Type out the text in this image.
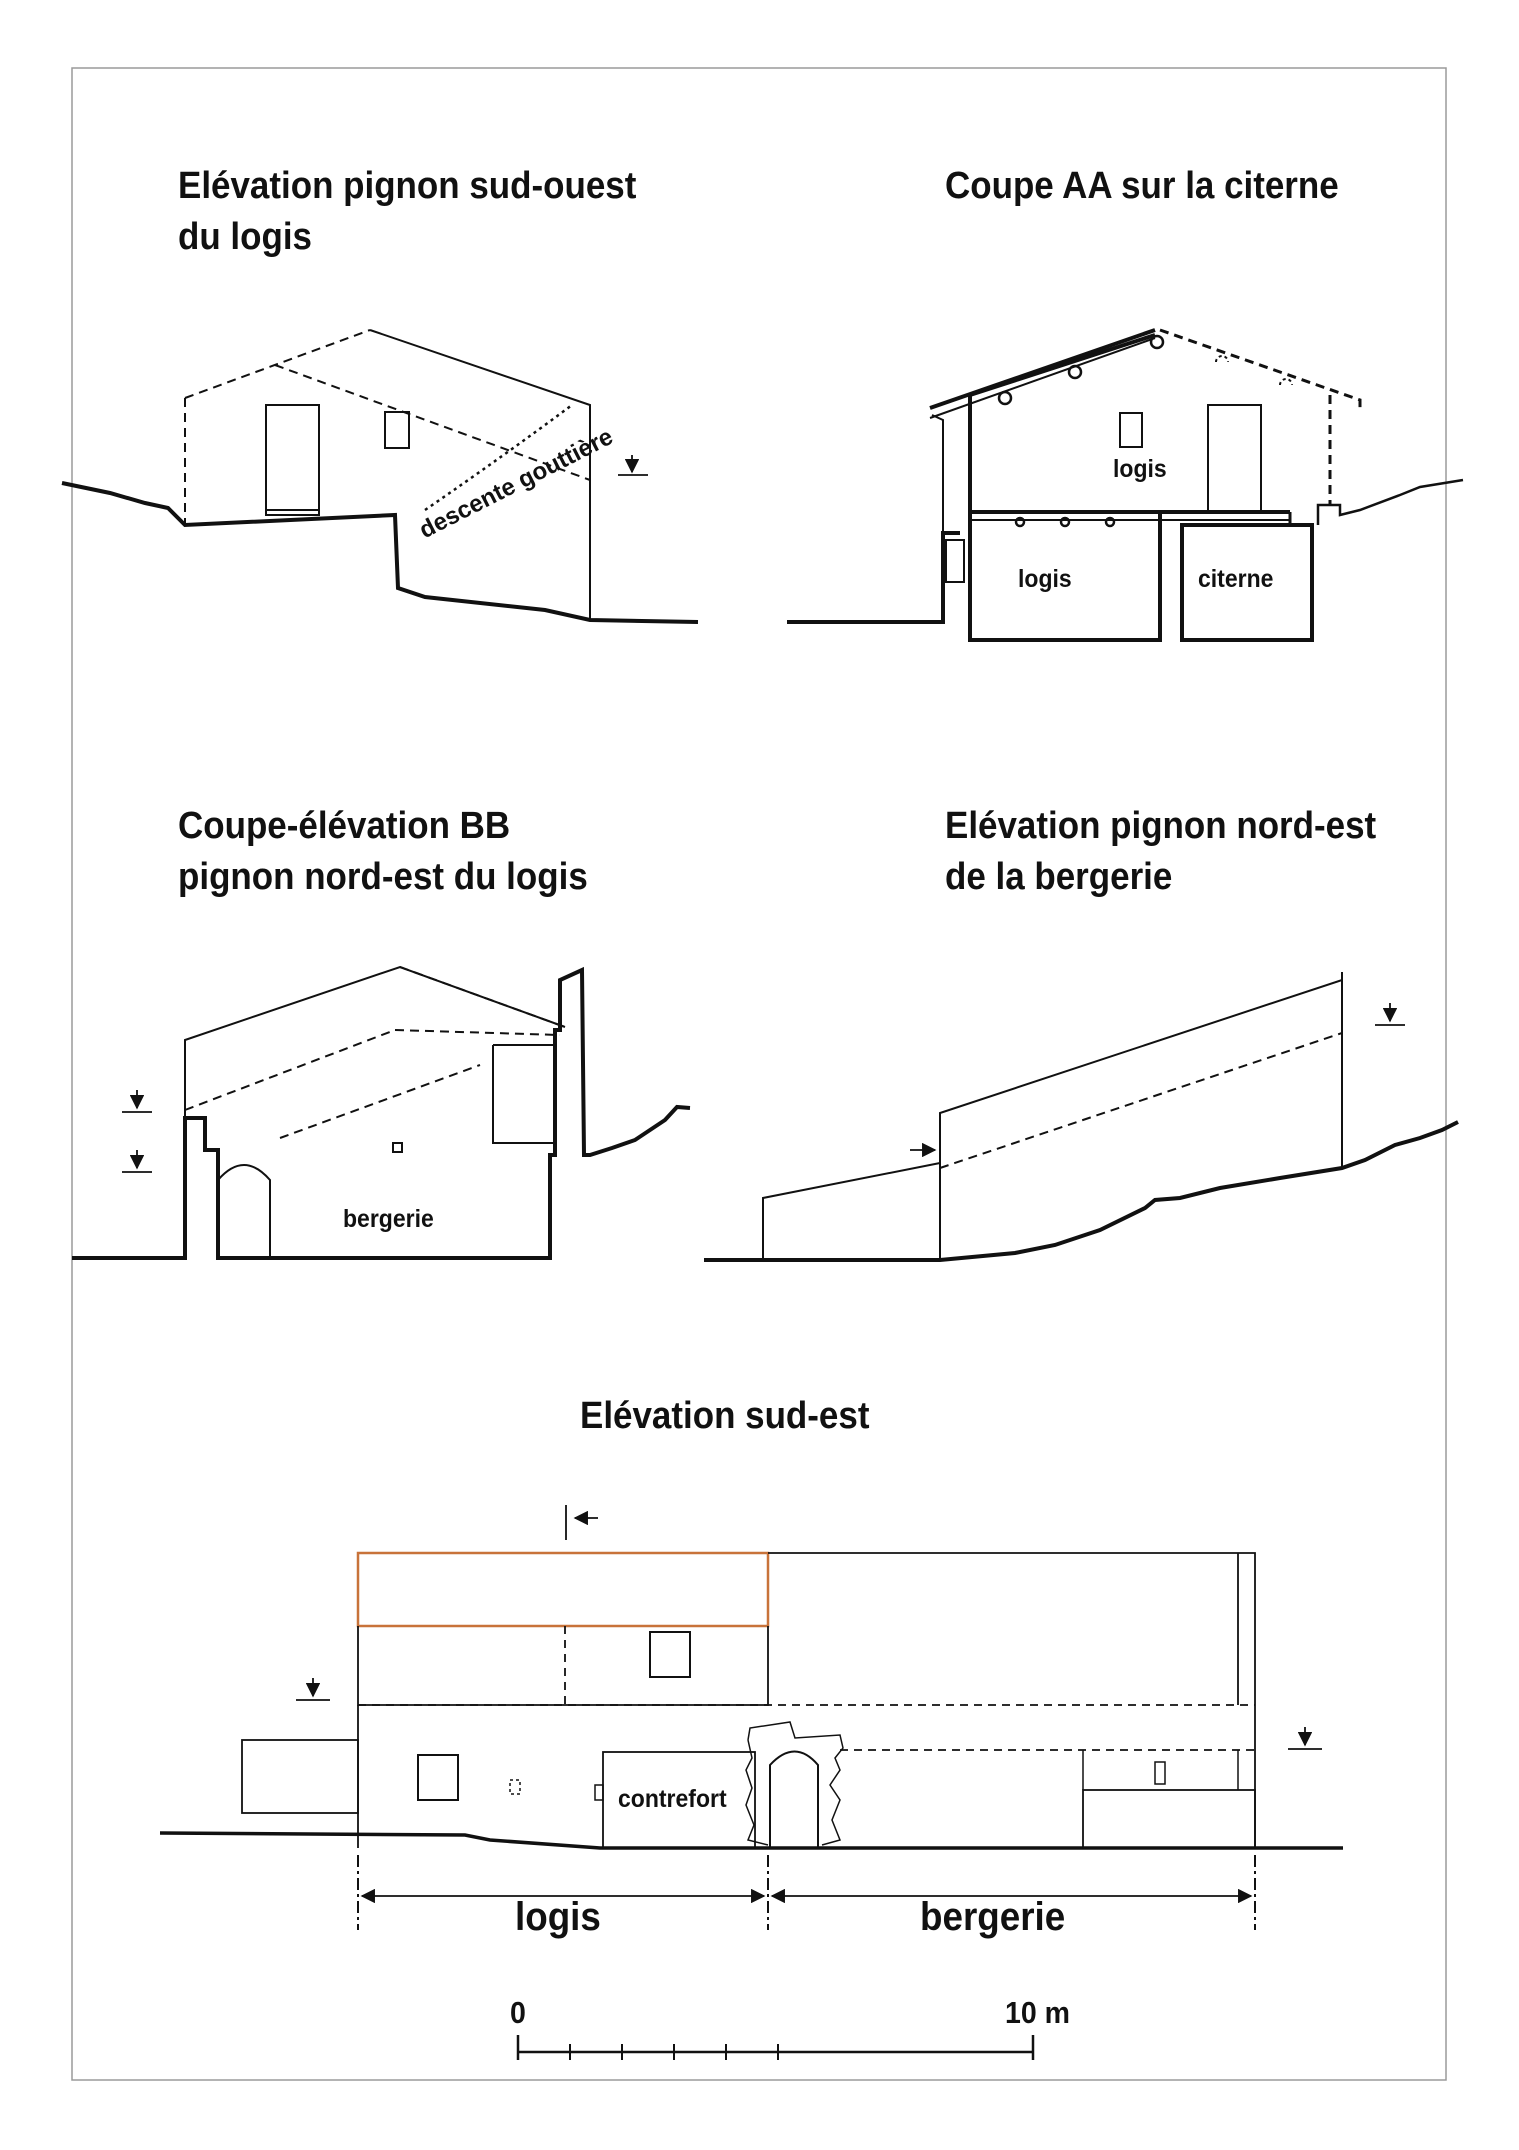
Elévation pignon sud-ouest
du logis
Coupe AA sur la citerne
Coupe-élévation BB
pignon nord-est du logis
Elévation pignon nord-est
de la bergerie
Elévation sud-est
descente gouttière	logis
logis	citerne
bergerie
contrefort
logis	bergerie
0	10 m
